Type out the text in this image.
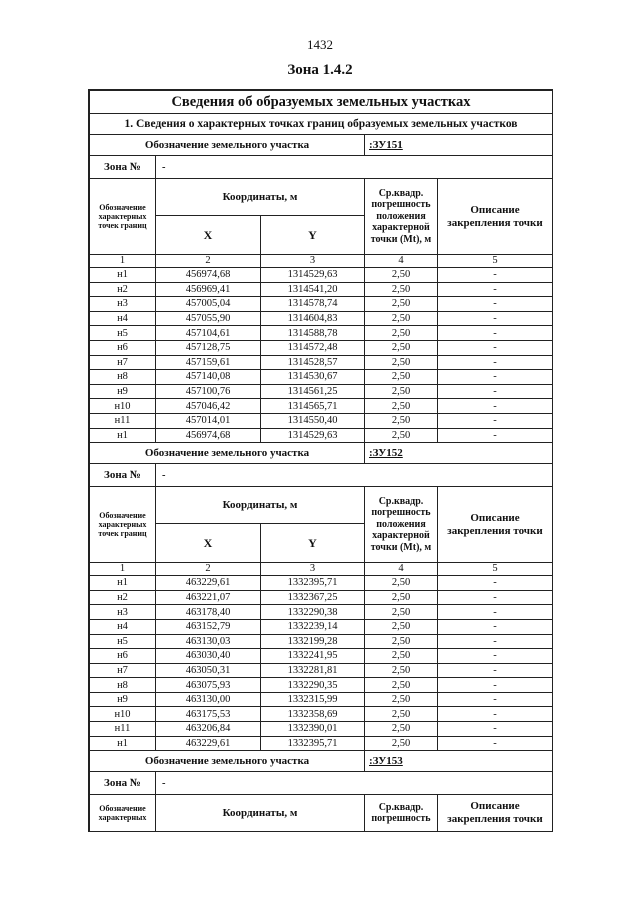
1432
Зона 1.4.2
Сведения об образуемых земельных участках				
1. Сведения о характерных точках границ образуемых земельных участков				
Обозначение земельного участка			:ЗУ151	
Зона №	-			
Обозначение характерных точек границ	Координаты, м		Ср.квадр. погрешность положения характерной точки (Mt), м	Описание закрепления точки
	X	Y		
1	2	3	4	5
н1	456974,68	1314529,63	2,50	-
н2	456969,41	1314541,20	2,50	-
н3	457005,04	1314578,74	2,50	-
н4	457055,90	1314604,83	2,50	-
н5	457104,61	1314588,78	2,50	-
н6	457128,75	1314572,48	2,50	-
н7	457159,61	1314528,57	2,50	-
н8	457140,08	1314530,67	2,50	-
н9	457100,76	1314561,25	2,50	-
н10	457046,42	1314565,71	2,50	-
н11	457014,01	1314550,40	2,50	-
н1	456974,68	1314529,63	2,50	-
Обозначение земельного участка			:ЗУ152	
Зона №	-			
Обозначение характерных точек границ	Координаты, м		Ср.квадр. погрешность положения характерной точки (Mt), м	Описание закрепления точки
	X	Y		
1	2	3	4	5
н1	463229,61	1332395,71	2,50	-
н2	463221,07	1332367,25	2,50	-
н3	463178,40	1332290,38	2,50	-
н4	463152,79	1332239,14	2,50	-
н5	463130,03	1332199,28	2,50	-
н6	463030,40	1332241,95	2,50	-
н7	463050,31	1332281,81	2,50	-
н8	463075,93	1332290,35	2,50	-
н9	463130,00	1332315,99	2,50	-
н10	463175,53	1332358,69	2,50	-
н11	463206,84	1332390,01	2,50	-
н1	463229,61	1332395,71	2,50	-
Обозначение земельного участка			:ЗУ153	
Зона №	-			
Обозначение характерных	Координаты, м		Ср.квадр. погрешность	Описание закрепления точки
